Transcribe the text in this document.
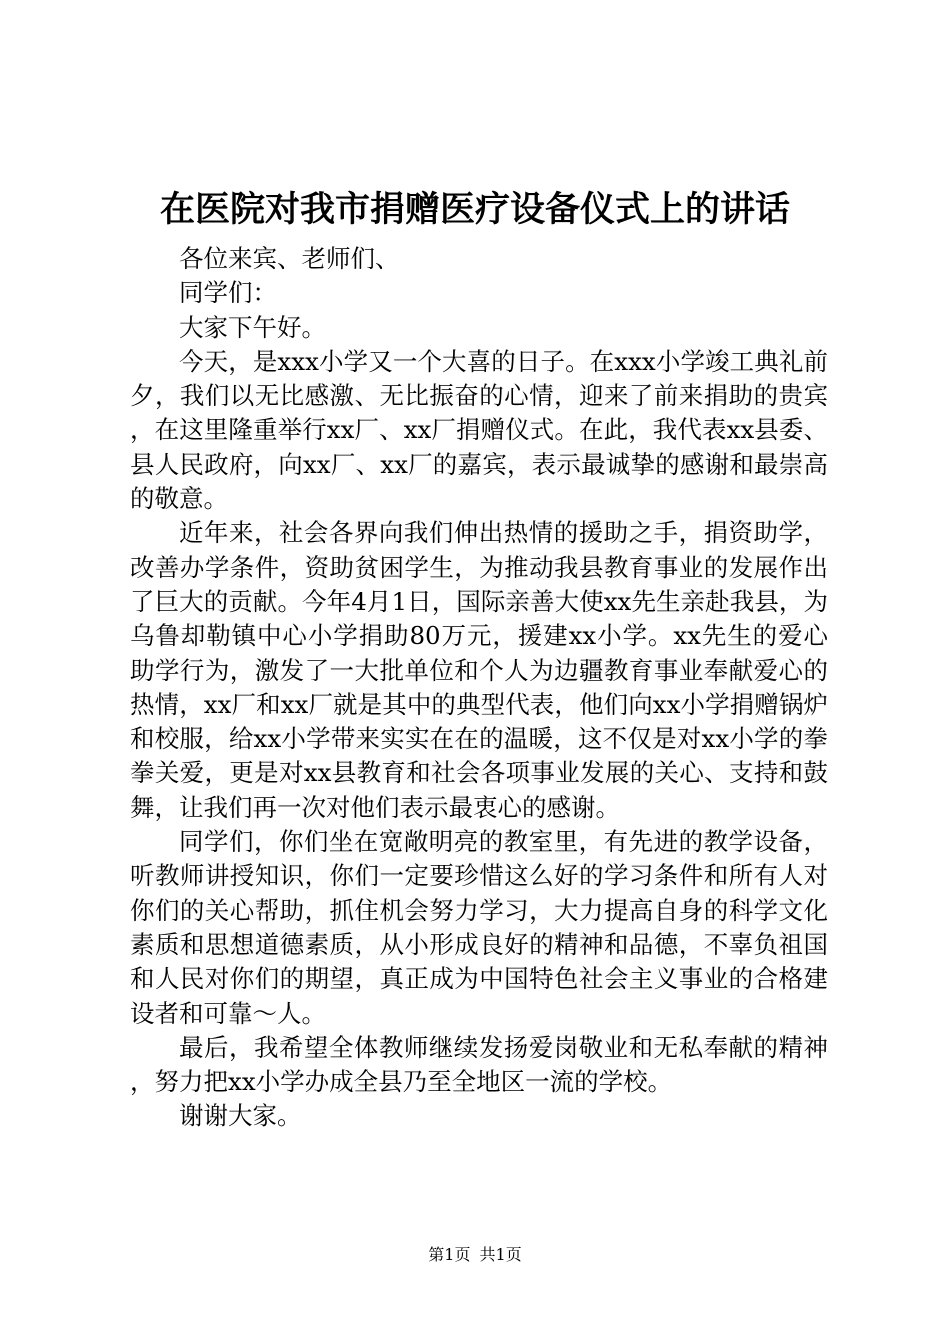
在医院对我市捐赠医疗设备仪式上的讲话

各位来宾、老师们、

同学们：

大家下午好。

今天，是xxx小学又一个大喜的日子。在xxx小学竣工典礼前夕，我们以无比感激、无比振奋的心情，迎来了前来捐助的贵宾，在这里隆重举行xx厂、xx厂捐赠仪式。在此，我代表xx县委、县人民政府，向xx厂、xx厂的嘉宾，表示最诚挚的感谢和最崇高的敬意。

近年来，社会各界向我们伸出热情的援助之手，捐资助学，改善办学条件，资助贫困学生，为推动我县教育事业的发展作出了巨大的贡献。今年4月1日，国际亲善大使xx先生亲赴我县，为乌鲁却勒镇中心小学捐助80万元，援建xx小学。xx先生的爱心助学行为，激发了一大批单位和个人为边疆教育事业奉献爱心的热情，xx厂和xx厂就是其中的典型代表，他们向xx小学捐赠锅炉和校服，给xx小学带来实实在在的温暖，这不仅是对xx小学的拳拳关爱，更是对xx县教育和社会各项事业发展的关心、支持和鼓舞，让我们再一次对他们表示最衷心的感谢。

同学们，你们坐在宽敞明亮的教室里，有先进的教学设备，听教师讲授知识，你们一定要珍惜这么好的学习条件和所有人对你们的关心帮助，抓住机会努力学习，大力提高自身的科学文化素质和思想道德素质，从小形成良好的精神和品德，不辜负祖国和人民对你们的期望，真正成为中国特色社会主义事业的合格建设者和可靠～人。

最后，我希望全体教师继续发扬爱岗敬业和无私奉献的精神，努力把xx小学办成全县乃至全地区一流的学校。

谢谢大家。

第1页 共1页
